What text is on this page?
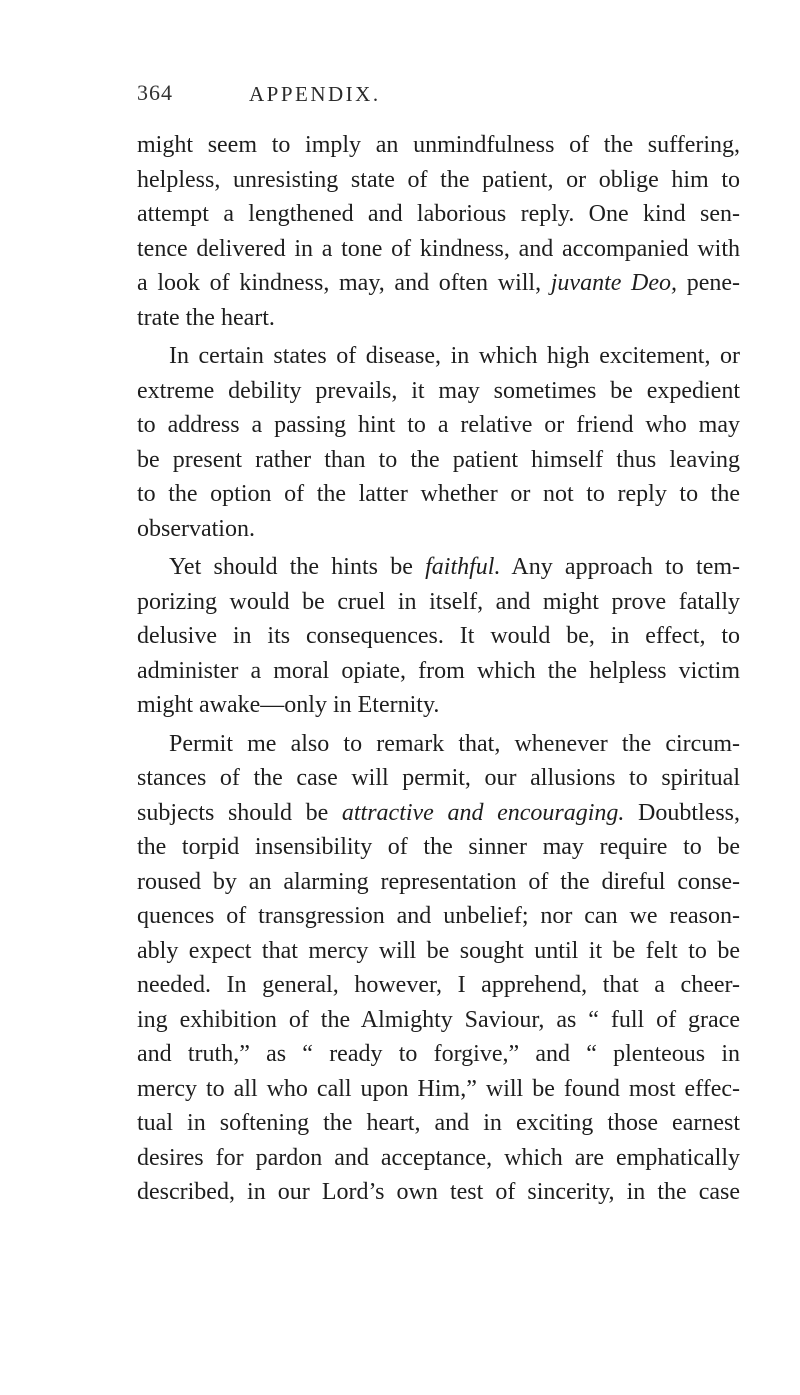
364	APPENDIX.
might seem to imply an unmindfulness of the suffering,
helpless, unresisting state of the patient, or oblige him to
attempt a lengthened and laborious reply. One kind sen-
tence delivered in a tone of kindness, and accompanied with
a look of kindness, may, and often will, juvante Deo, pene-
trate the heart.
In certain states of disease, in which high excitement, or
extreme debility prevails, it may sometimes be expedient
to address a passing hint to a relative or friend who may
be present rather than to the patient himself thus leaving
to the option of the latter whether or not to reply to the
observation.
Yet should the hints be faithful. Any approach to tem-
porizing would be cruel in itself, and might prove fatally
delusive in its consequences. It would be, in effect, to
administer a moral opiate, from which the helpless victim
might awake—only in Eternity.
Permit me also to remark that, whenever the circum-
stances of the case will permit, our allusions to spiritual
subjects should be attractive and encouraging. Doubtless,
the torpid insensibility of the sinner may require to be
roused by an alarming representation of the direful conse-
quences of transgression and unbelief; nor can we reason-
ably expect that mercy will be sought until it be felt to be
needed. In general, however, I apprehend, that a cheer-
ing exhibition of the Almighty Saviour, as “ full of grace
and truth,” as “ ready to forgive,” and “ plenteous in
mercy to all who call upon Him,” will be found most effec-
tual in softening the heart, and in exciting those earnest
desires for pardon and acceptance, which are emphatically
described, in our Lord’s own test of sincerity, in the case
